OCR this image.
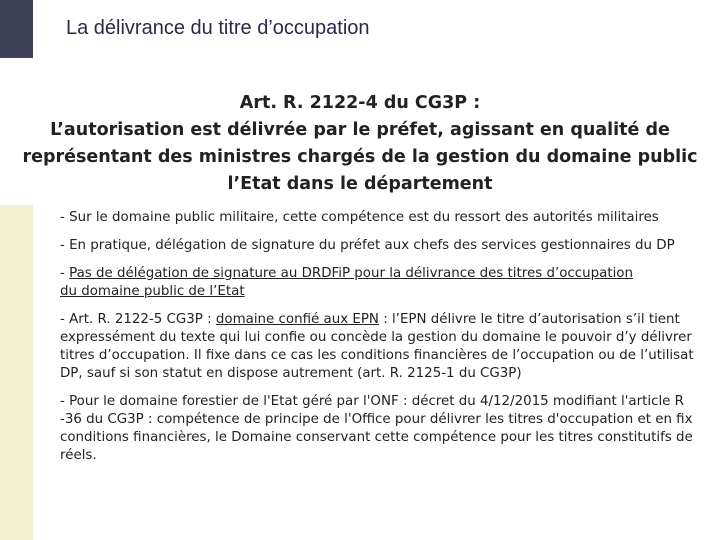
La délivrance du titre d’occupation
Art. R. 2122-4 du CG3P :
L’autorisation est délivrée par le préfet, agissant en qualité de
représentant des ministres chargés de la gestion du domaine public
l’Etat dans le département
- Sur le domaine public militaire, cette compétence est du ressort des autorités militaires
- En pratique, délégation de signature du préfet aux chefs des services gestionnaires du DP
- Pas de délégation de signature au DRDFiP pour la délivrance des titres d’occupation
du domaine public de l’Etat
- Art. R. 2122-5 CG3P : domaine confié aux EPN : l’EPN délivre le titre d’autorisation s’il tient
expressément du texte qui lui confie ou concède la gestion du domaine le pouvoir d’y délivrer
titres d’occupation. Il fixe dans ce cas les conditions financières de l’occupation ou de l’utilisat
DP, sauf si son statut en dispose autrement (art. R. 2125-1 du CG3P)
- Pour le domaine forestier de l'Etat géré par l'ONF : décret du 4/12/2015 modifiant l'article R
-36 du CG3P : compétence de principe de l'Office pour délivrer les titres d'occupation et en fix
conditions financières, le Domaine conservant cette compétence pour les titres constitutifs de
réels.
